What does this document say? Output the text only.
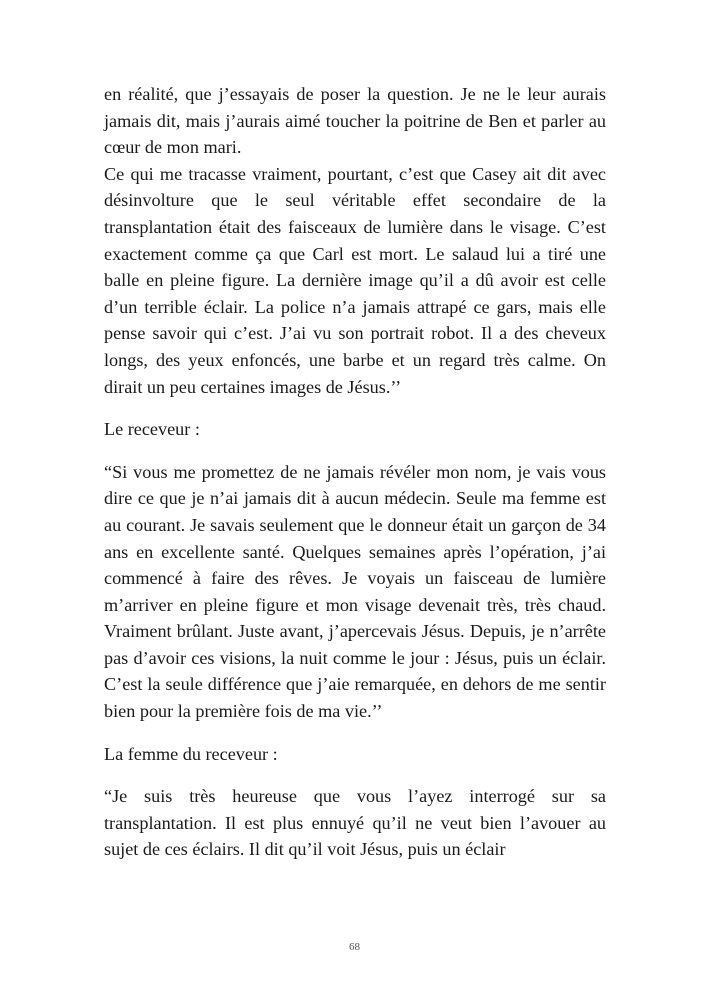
en réalité, que j’essayais de poser la question. Je ne le leur aurais jamais dit, mais j’aurais aimé toucher la poitrine de Ben et parler au cœur de mon mari.

Ce qui me tracasse vraiment, pourtant, c’est que Casey ait dit avec désinvolture que le seul véritable effet secondaire de la transplantation était des faisceaux de lumière dans le visage. C’est exactement comme ça que Carl est mort. Le salaud lui a tiré une balle en pleine figure. La dernière image qu’il a dû avoir est celle d’un terrible éclair. La police n’a jamais attrapé ce gars, mais elle pense savoir qui c’est. J’ai vu son portrait robot. Il a des cheveux longs, des yeux enfoncés, une barbe et un regard très calme. On dirait un peu certaines images de Jésus.’’

Le receveur :

“Si vous me promettez de ne jamais révéler mon nom, je vais vous dire ce que je n’ai jamais dit à aucun médecin. Seule ma femme est au courant. Je savais seulement que le donneur était un garçon de 34 ans en excellente santé. Quelques semaines après l’opération, j’ai commencé à faire des rêves. Je voyais un faisceau de lumière m’arriver en pleine figure et mon visage devenait très, très chaud. Vraiment brûlant. Juste avant, j’apercevais Jésus. Depuis, je n’arrête pas d’avoir ces visions, la nuit comme le jour : Jésus, puis un éclair. C’est la seule différence que j’aie remarquée, en dehors de me sentir bien pour la première fois de ma vie.’’

La femme du receveur :

“Je suis très heureuse que vous l’ayez interrogé sur sa transplantation. Il est plus ennuyé qu’il ne veut bien l’avouer au sujet de ces éclairs. Il dit qu’il voit Jésus, puis un éclair

68
